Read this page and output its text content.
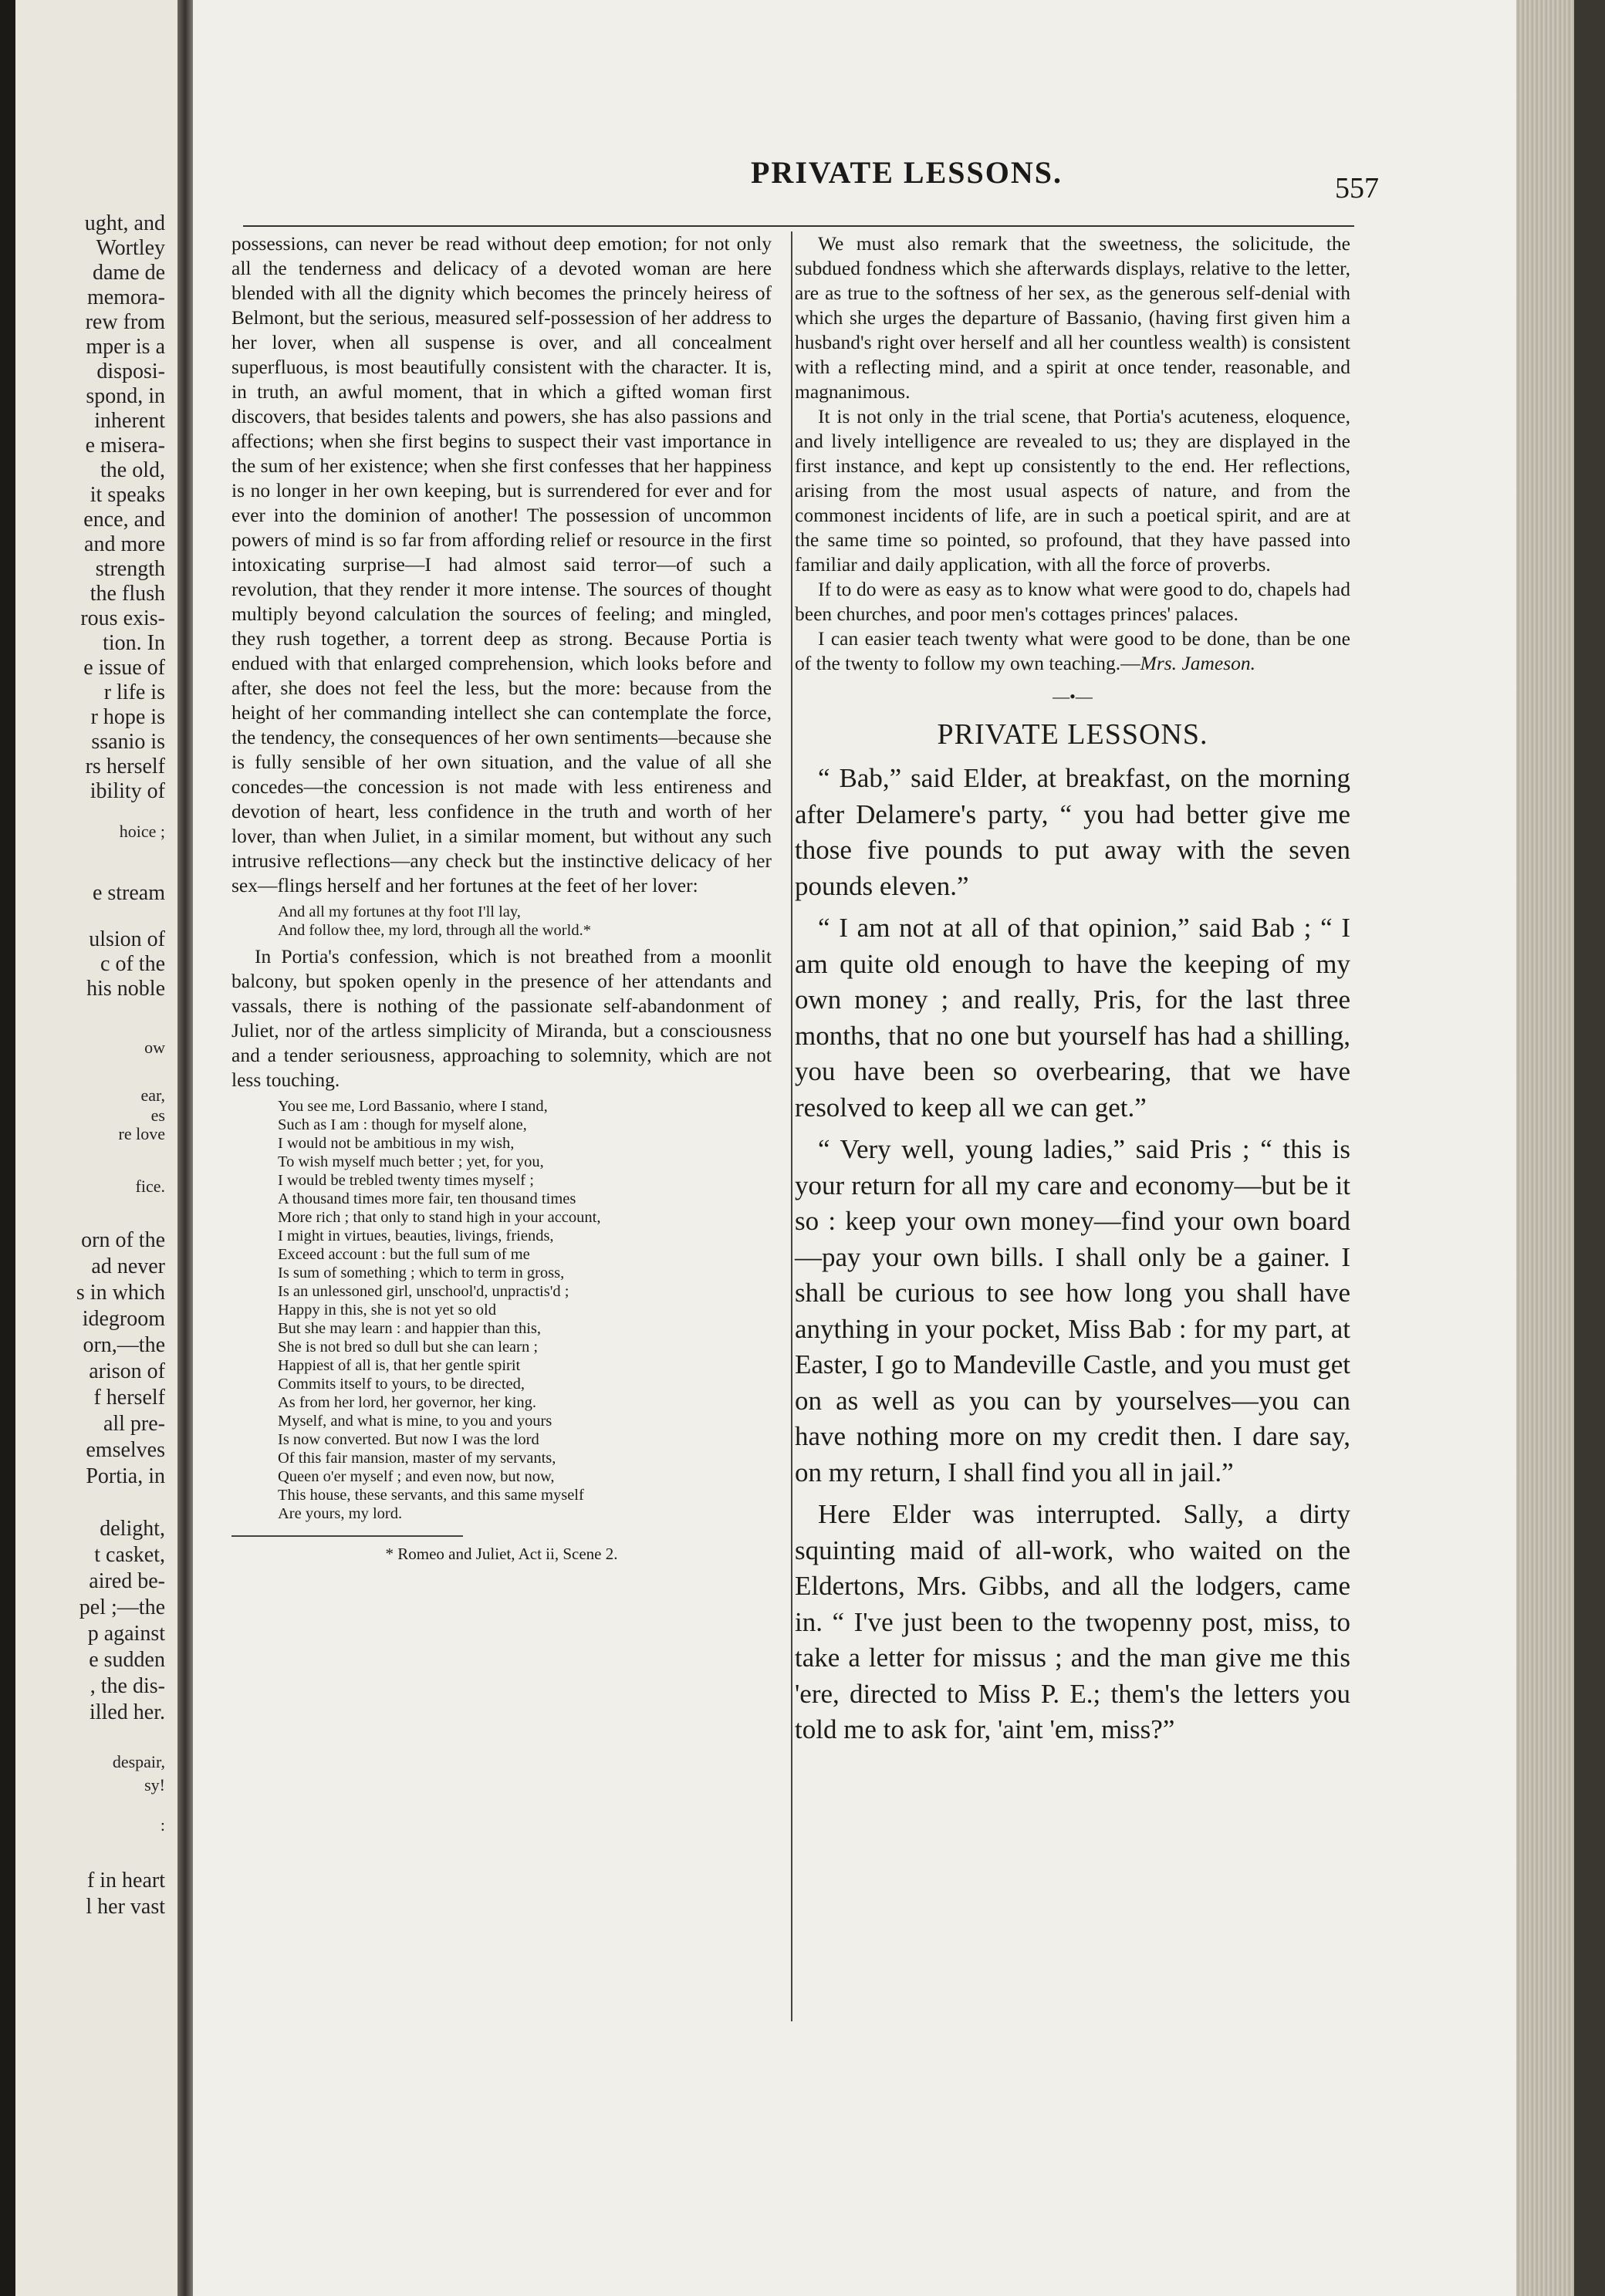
ught, and
Wortley
dame de
memora-
rew from
mper is a
disposi-
spond, in
inherent
e misera-
the old,
it speaks
ence, and
and more
strength
the flush
rous exis-
tion. In
e issue of
r life is
r hope is
ssanio is
rs herself
ibility of
hoice ;
e stream
ulsion of
c of the
his noble
ow
ear,
es
re love
fice.
orn of the
ad never
s in which
idegroom
orn,—the
arison of
f herself
all pre-
emselves
Portia, in
delight,
t casket,
aired be-
pel ;—the
p against
e sudden
, the dis-
illed her.
despair,
sy!
:
f in heart
l her vast
PRIVATE LESSONS.	557

possessions, can never be read without deep emotion; for not only all the tenderness and delicacy of a devoted woman are here blended with all the dignity which becomes the princely heiress of Belmont, but the serious, measured self-possession of her address to her lover, when all suspense is over, and all concealment superfluous, is most beautifully consistent with the character. It is, in truth, an awful moment, that in which a gifted woman first discovers, that besides talents and powers, she has also passions and affections; when she first begins to suspect their vast importance in the sum of her existence; when she first confesses that her happiness is no longer in her own keeping, but is surrendered for ever and for ever into the dominion of another! The possession of uncommon powers of mind is so far from affording relief or resource in the first intoxicating surprise—I had almost said terror—of such a revolution, that they render it more intense. The sources of thought multiply beyond calculation the sources of feeling; and mingled, they rush together, a torrent deep as strong. Because Portia is endued with that enlarged comprehension, which looks before and after, she does not feel the less, but the more: because from the height of her commanding intellect she can contemplate the force, the tendency, the consequences of her own sentiments—because she is fully sensible of her own situation, and the value of all she concedes—the concession is not made with less entireness and devotion of heart, less confidence in the truth and worth of her lover, than when Juliet, in a similar moment, but without any such intrusive reflections—any check but the instinctive delicacy of her sex—flings herself and her fortunes at the feet of her lover:

And all my fortunes at thy foot I'll lay,
And follow thee, my lord, through all the world.*

In Portia's confession, which is not breathed from a moonlit balcony, but spoken openly in the presence of her attendants and vassals, there is nothing of the passionate self-abandonment of Juliet, nor of the artless simplicity of Miranda, but a consciousness and a tender seriousness, approaching to solemnity, which are not less touching.

You see me, Lord Bassanio, where I stand,
Such as I am : though for myself alone,
I would not be ambitious in my wish,
To wish myself much better ; yet, for you,
I would be trebled twenty times myself ;
A thousand times more fair, ten thousand times
More rich ; that only to stand high in your account,
I might in virtues, beauties, livings, friends,
Exceed account : but the full sum of me
Is sum of something ; which to term in gross,
Is an unlessoned girl, unschool'd, unpractis'd ;
Happy in this, she is not yet so old
But she may learn : and happier than this,
She is not bred so dull but she can learn ;
Happiest of all is, that her gentle spirit
Commits itself to yours, to be directed,
As from her lord, her governor, her king.
Myself, and what is mine, to you and yours
Is now converted. But now I was the lord
Of this fair mansion, master of my servants,
Queen o'er myself ; and even now, but now,
This house, these servants, and this same myself
Are yours, my lord.
* Romeo and Juliet, Act ii, Scene 2.

We must also remark that the sweetness, the solicitude, the subdued fondness which she afterwards displays, relative to the letter, are as true to the softness of her sex, as the generous self-denial with which she urges the departure of Bassanio, (having first given him a husband's right over herself and all her countless wealth) is consistent with a reflecting mind, and a spirit at once tender, reasonable, and magnanimous.

It is not only in the trial scene, that Portia's acuteness, eloquence, and lively intelligence are revealed to us; they are displayed in the first instance, and kept up consistently to the end. Her reflections, arising from the most usual aspects of nature, and from the commonest incidents of life, are in such a poetical spirit, and are at the same time so pointed, so profound, that they have passed into familiar and daily application, with all the force of proverbs.

If to do were as easy as to know what were good to do, chapels had been churches, and poor men's cottages princes' palaces.

I can easier teach twenty what were good to be done, than be one of the twenty to follow my own teaching.—Mrs. Jameson.

—•—
PRIVATE LESSONS.

“ Bab,” said Elder, at breakfast, on the morning after Delamere's party, “ you had better give me those five pounds to put away with the seven pounds eleven.”

“ I am not at all of that opinion,” said Bab ; “ I am quite old enough to have the keeping of my own money ; and really, Pris, for the last three months, that no one but yourself has had a shilling, you have been so overbearing, that we have resolved to keep all we can get.”

“ Very well, young ladies,” said Pris ; “ this is your return for all my care and economy—but be it so : keep your own money—find your own board—pay your own bills. I shall only be a gainer. I shall be curious to see how long you shall have anything in your pocket, Miss Bab : for my part, at Easter, I go to Mandeville Castle, and you must get on as well as you can by yourselves—you can have nothing more on my credit then. I dare say, on my return, I shall find you all in jail.”

Here Elder was interrupted. Sally, a dirty squinting maid of all-work, who waited on the Eldertons, Mrs. Gibbs, and all the lodgers, came in. “ I've just been to the twopenny post, miss, to take a letter for missus ; and the man give me this 'ere, directed to Miss P. E.; them's the letters you told me to ask for, 'aint 'em, miss?”
